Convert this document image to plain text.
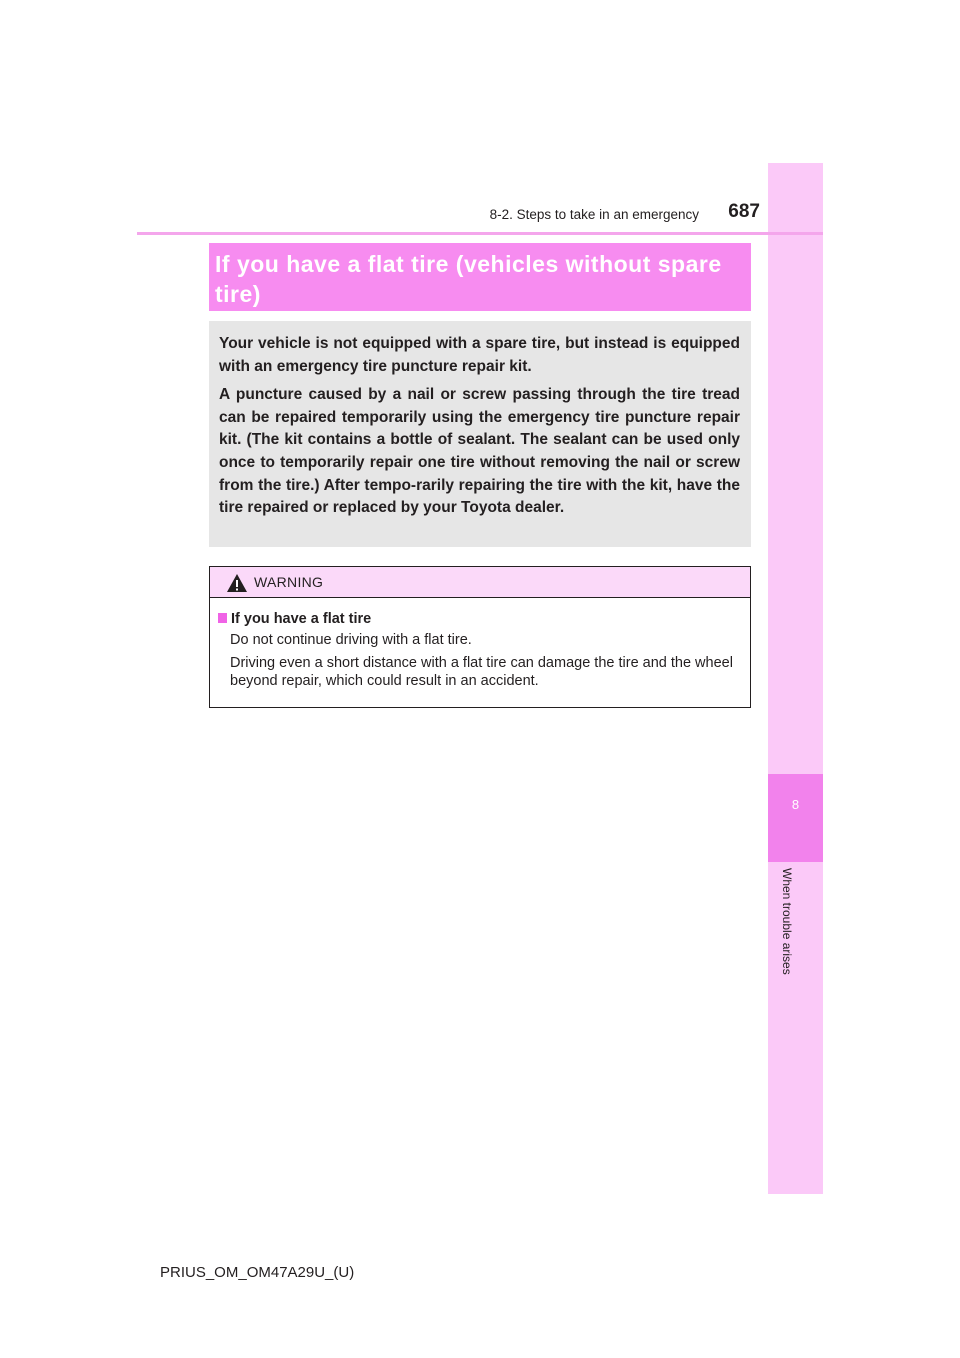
8
When trouble arises
8-2. Steps to take in an emergency	687
If you have a flat tire (vehicles without spare tire)

Your vehicle is not equipped with a spare tire, but instead is equipped with an emergency tire puncture repair kit.

A puncture caused by a nail or screw passing through the tire tread can be repaired temporarily using the emergency tire puncture repair kit. (The kit contains a bottle of sealant. The sealant can be used only once to temporarily repair one tire without removing the nail or screw from the tire.) After tempo-rarily repairing the tire with the kit, have the tire repaired or replaced by your Toyota dealer.

WARNING
If you have a flat tire

Do not continue driving with a flat tire.

Driving even a short distance with a flat tire can damage the tire and the wheel beyond repair, which could result in an accident.

PRIUS_OM_OM47A29U_(U)
